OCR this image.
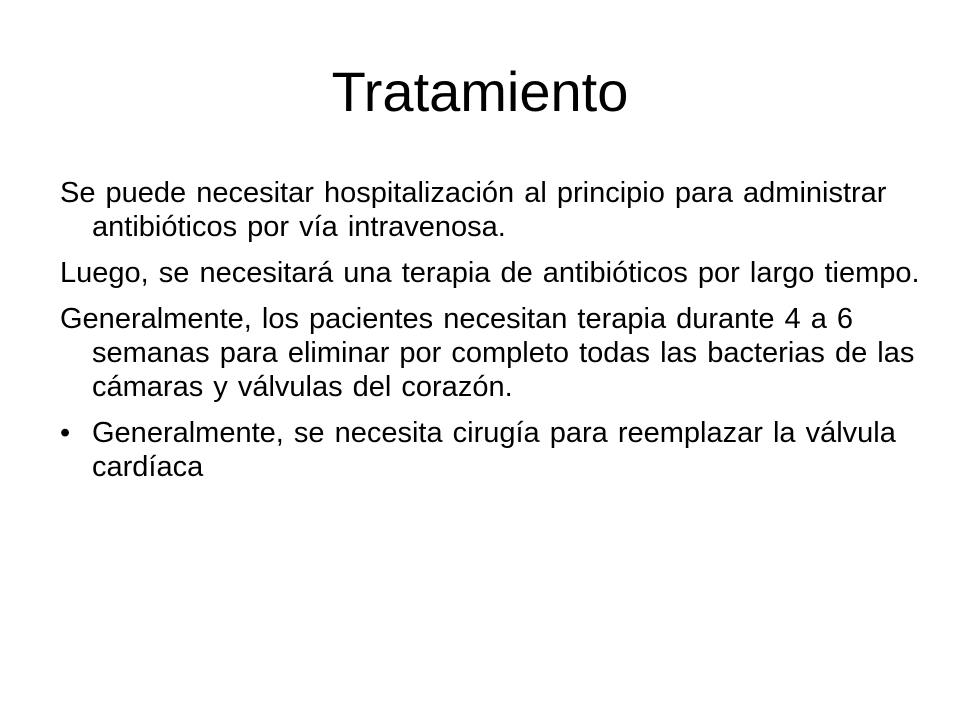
Tratamiento
Se puede necesitar hospitalización al principio para administrar antibióticos por vía intravenosa.
Luego, se necesitará una terapia de antibióticos por largo tiempo.
Generalmente, los pacientes necesitan terapia durante 4 a 6 semanas para eliminar por completo todas las bacterias de las cámaras y válvulas del corazón.
• Generalmente, se necesita cirugía para reemplazar la válvula cardíaca
